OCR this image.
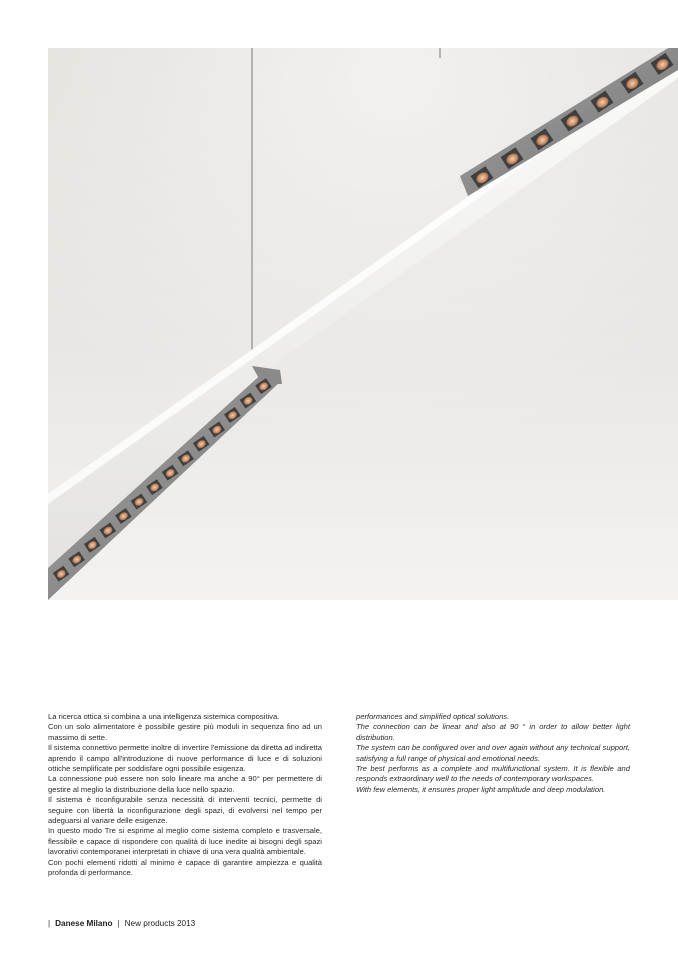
La ricerca ottica si combina a una intelligenza sistemica compositiva.

Con un solo alimentatore è possibile gestire più moduli in sequenza fino ad un massimo di sette.

Il sistema connettivo permette inoltre di invertire l'emissione da diretta ad indiretta aprendo il campo all'introduzione di nuove performance di luce e di soluzioni ottiche semplificate per soddisfare ogni possibile esigenza.

La connessione può essere non solo lineare ma anche a 90° per permettere di gestire al meglio la distribuzione della luce nello spazio.

Il sistema è riconfigurabile senza necessità di interventi tecnici, permette di seguire con libertà la riconfigurazione degli spazi, di evolversi nel tempo per adeguarsi al variare delle esigenze.

In questo modo Tre si esprime al meglio come sistema completo e trasversale, flessibile e capace di rispondere con qualità di luce inedite ai bisogni degli spazi lavorativi contemporanei interpretati in chiave di una vera qualità ambientale.

Con pochi elementi ridotti al minimo è capace di garantire ampiezza e qualità profonda di performance.

performances and simplified optical solutions.

The connection can be linear and also at 90 ° in order to allow better light distribution.

The system can be configured over and over again without any technical support, satisfying a full range of physical and emotional needs.

Tre best performs as a complete and multifunctional system. It is flexible and responds extraordinary well to the needs of contemporary workspaces.

With few elements, it ensures proper light amplitude and deep modulation.

| Danese Milano | New products 2013
